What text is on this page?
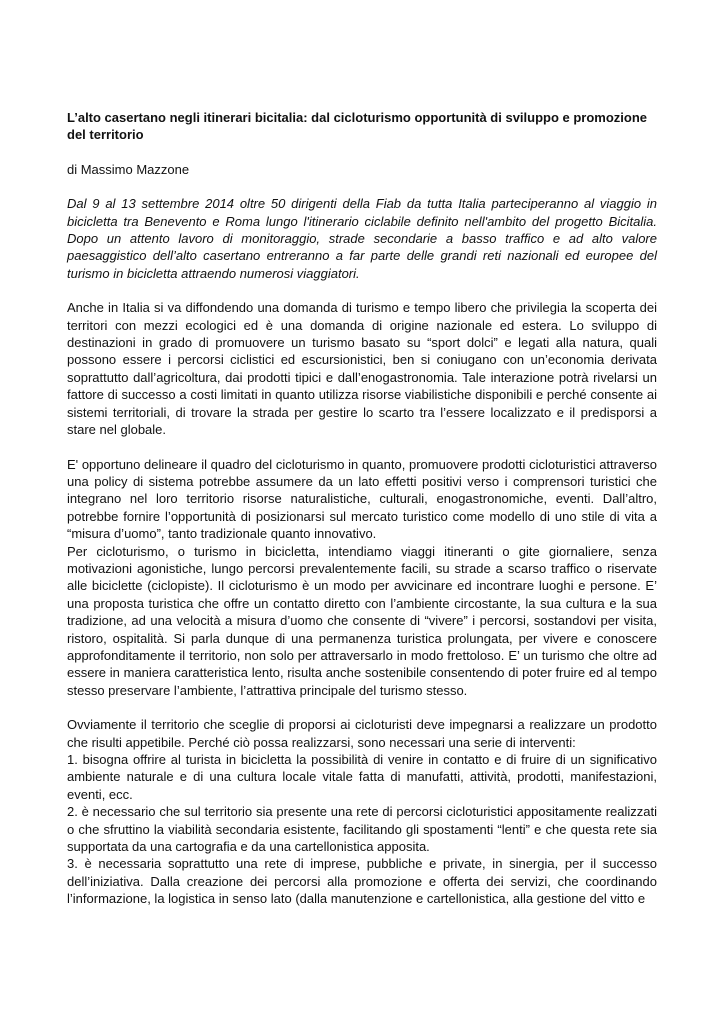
L’alto casertano negli itinerari bicitalia: dal cicloturismo opportunità di sviluppo e promozione del territorio
di Massimo Mazzone

Dal 9 al 13 settembre 2014 oltre 50 dirigenti della Fiab da tutta Italia parteciperanno al viaggio in bicicletta tra Benevento e Roma lungo l'itinerario ciclabile definito nell'ambito del progetto Bicitalia. Dopo un attento lavoro di monitoraggio, strade secondarie a basso traffico e ad alto valore paesaggistico dell’alto casertano entreranno a far parte delle grandi reti nazionali ed europee del turismo in bicicletta attraendo numerosi viaggiatori.

Anche in Italia si va diffondendo una domanda di turismo e tempo libero che privilegia la scoperta dei territori con mezzi ecologici ed è una domanda di origine nazionale ed estera. Lo sviluppo di destinazioni in grado di promuovere un turismo basato su “sport dolci” e legati alla natura, quali possono essere i percorsi ciclistici ed escursionistici, ben si coniugano con un’economia derivata soprattutto dall’agricoltura, dai prodotti tipici e dall’enogastronomia. Tale interazione potrà rivelarsi un fattore di successo a costi limitati in quanto utilizza risorse viabilistiche disponibili e perché consente ai sistemi territoriali, di trovare la strada per gestire lo scarto tra l’essere localizzato e il predisporsi a stare nel globale.

E' opportuno delineare il quadro del cicloturismo in quanto, promuovere prodotti cicloturistici attraverso una policy di sistema potrebbe assumere da un lato effetti positivi verso i comprensori turistici che integrano nel loro territorio risorse naturalistiche, culturali, enogastronomiche, eventi. Dall’altro, potrebbe fornire l’opportunità di posizionarsi sul mercato turistico come modello di uno stile di vita a “misura d’uomo”, tanto tradizionale quanto innovativo.

Per cicloturismo, o turismo in bicicletta, intendiamo viaggi itineranti o gite giornaliere, senza motivazioni agonistiche, lungo percorsi prevalentemente facili, su strade a scarso traffico o riservate alle biciclette (ciclopiste). Il cicloturismo è un modo per avvicinare ed incontrare luoghi e persone. E’ una proposta turistica che offre un contatto diretto con l’ambiente circostante, la sua cultura e la sua tradizione, ad una velocità a misura d’uomo che consente di “vivere” i percorsi, sostandovi per visita, ristoro, ospitalità. Si parla dunque di una permanenza turistica prolungata, per vivere e conoscere approfonditamente il territorio, non solo per attraversarlo in modo frettoloso. E’ un turismo che oltre ad essere in maniera caratteristica lento, risulta anche sostenibile consentendo di poter fruire ed al tempo stesso preservare l’ambiente, l’attrattiva principale del turismo stesso.

Ovviamente il territorio che sceglie di proporsi ai cicloturisti deve impegnarsi a realizzare un prodotto che risulti appetibile. Perché ciò possa realizzarsi, sono necessari una serie di interventi:

1. bisogna offrire al turista in bicicletta la possibilità di venire in contatto e di fruire di un significativo ambiente naturale e di una cultura locale vitale fatta di manufatti, attività, prodotti, manifestazioni, eventi, ecc.

2. è necessario che sul territorio sia presente una rete di percorsi cicloturistici appositamente realizzati o che sfruttino la viabilità secondaria esistente, facilitando gli spostamenti “lenti” e che questa rete sia supportata da una cartografia e da una cartellonistica apposita.

3. è necessaria soprattutto una rete di imprese, pubbliche e private, in sinergia, per il successo dell’iniziativa. Dalla creazione dei percorsi alla promozione e offerta dei servizi, che coordinando l’informazione, la logistica in senso lato (dalla manutenzione e cartellonistica, alla gestione del vitto e
